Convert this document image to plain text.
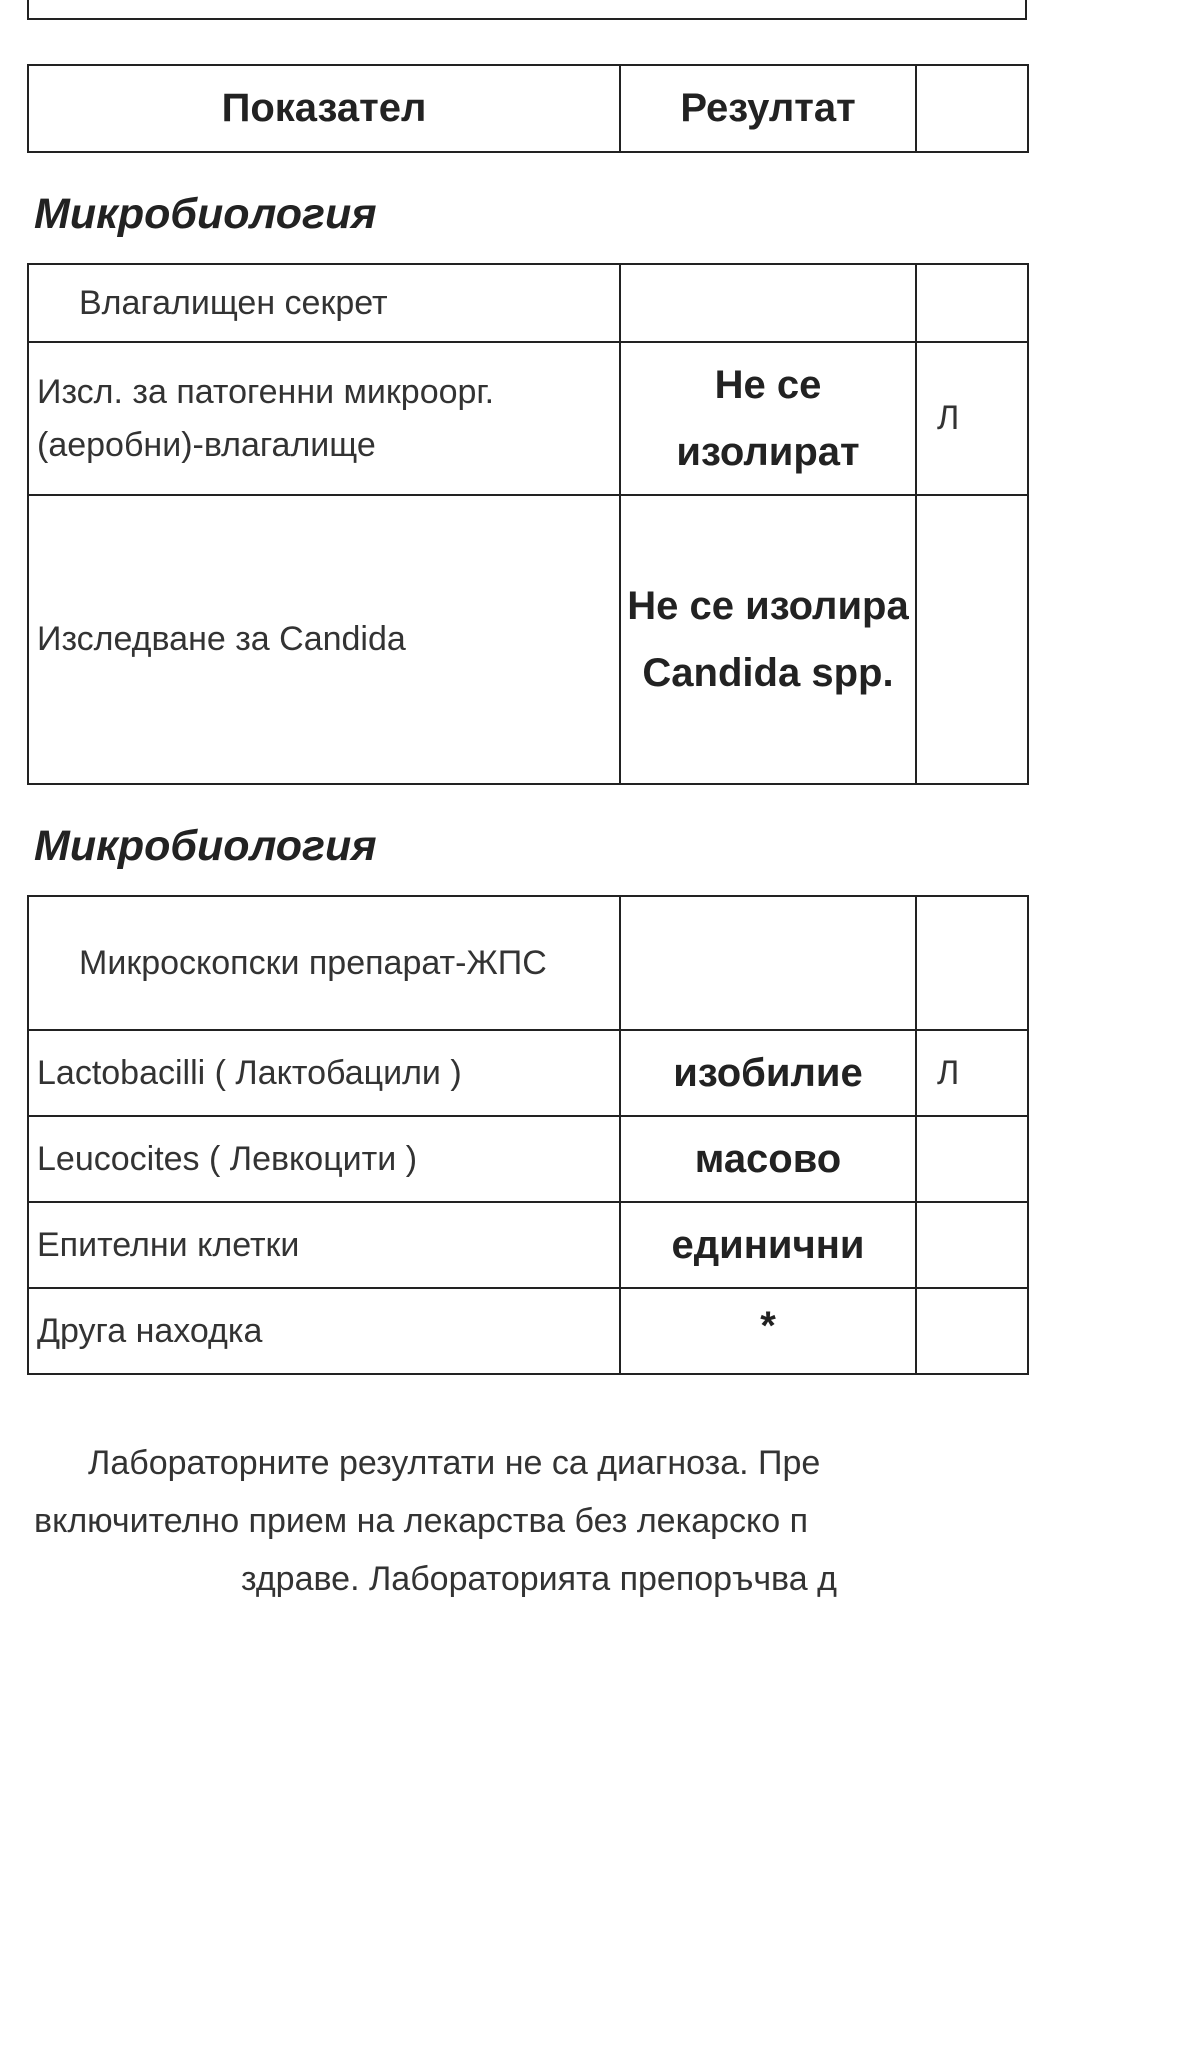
Показател	Резултат	
Микробиология
Влагалищен секрет		
Изсл. за патогенни микроорг. (аеробни)-влагалище	Не се изолират	Л
Изследване за Candida	Не се изолира Candida spp.	
Микробиология
Микроскопски препарат-ЖПС		
Lactobacilli ( Лактобацили )	изобилие	Л
Leucocites ( Левкоцити )	масово	
Епителни клетки	единични	
Друга находка	*	
Лабораторните резултати не са диагноза. Пре
включително прием на лекарства без лекарско п
здраве. Лабораторията препоръчва д
